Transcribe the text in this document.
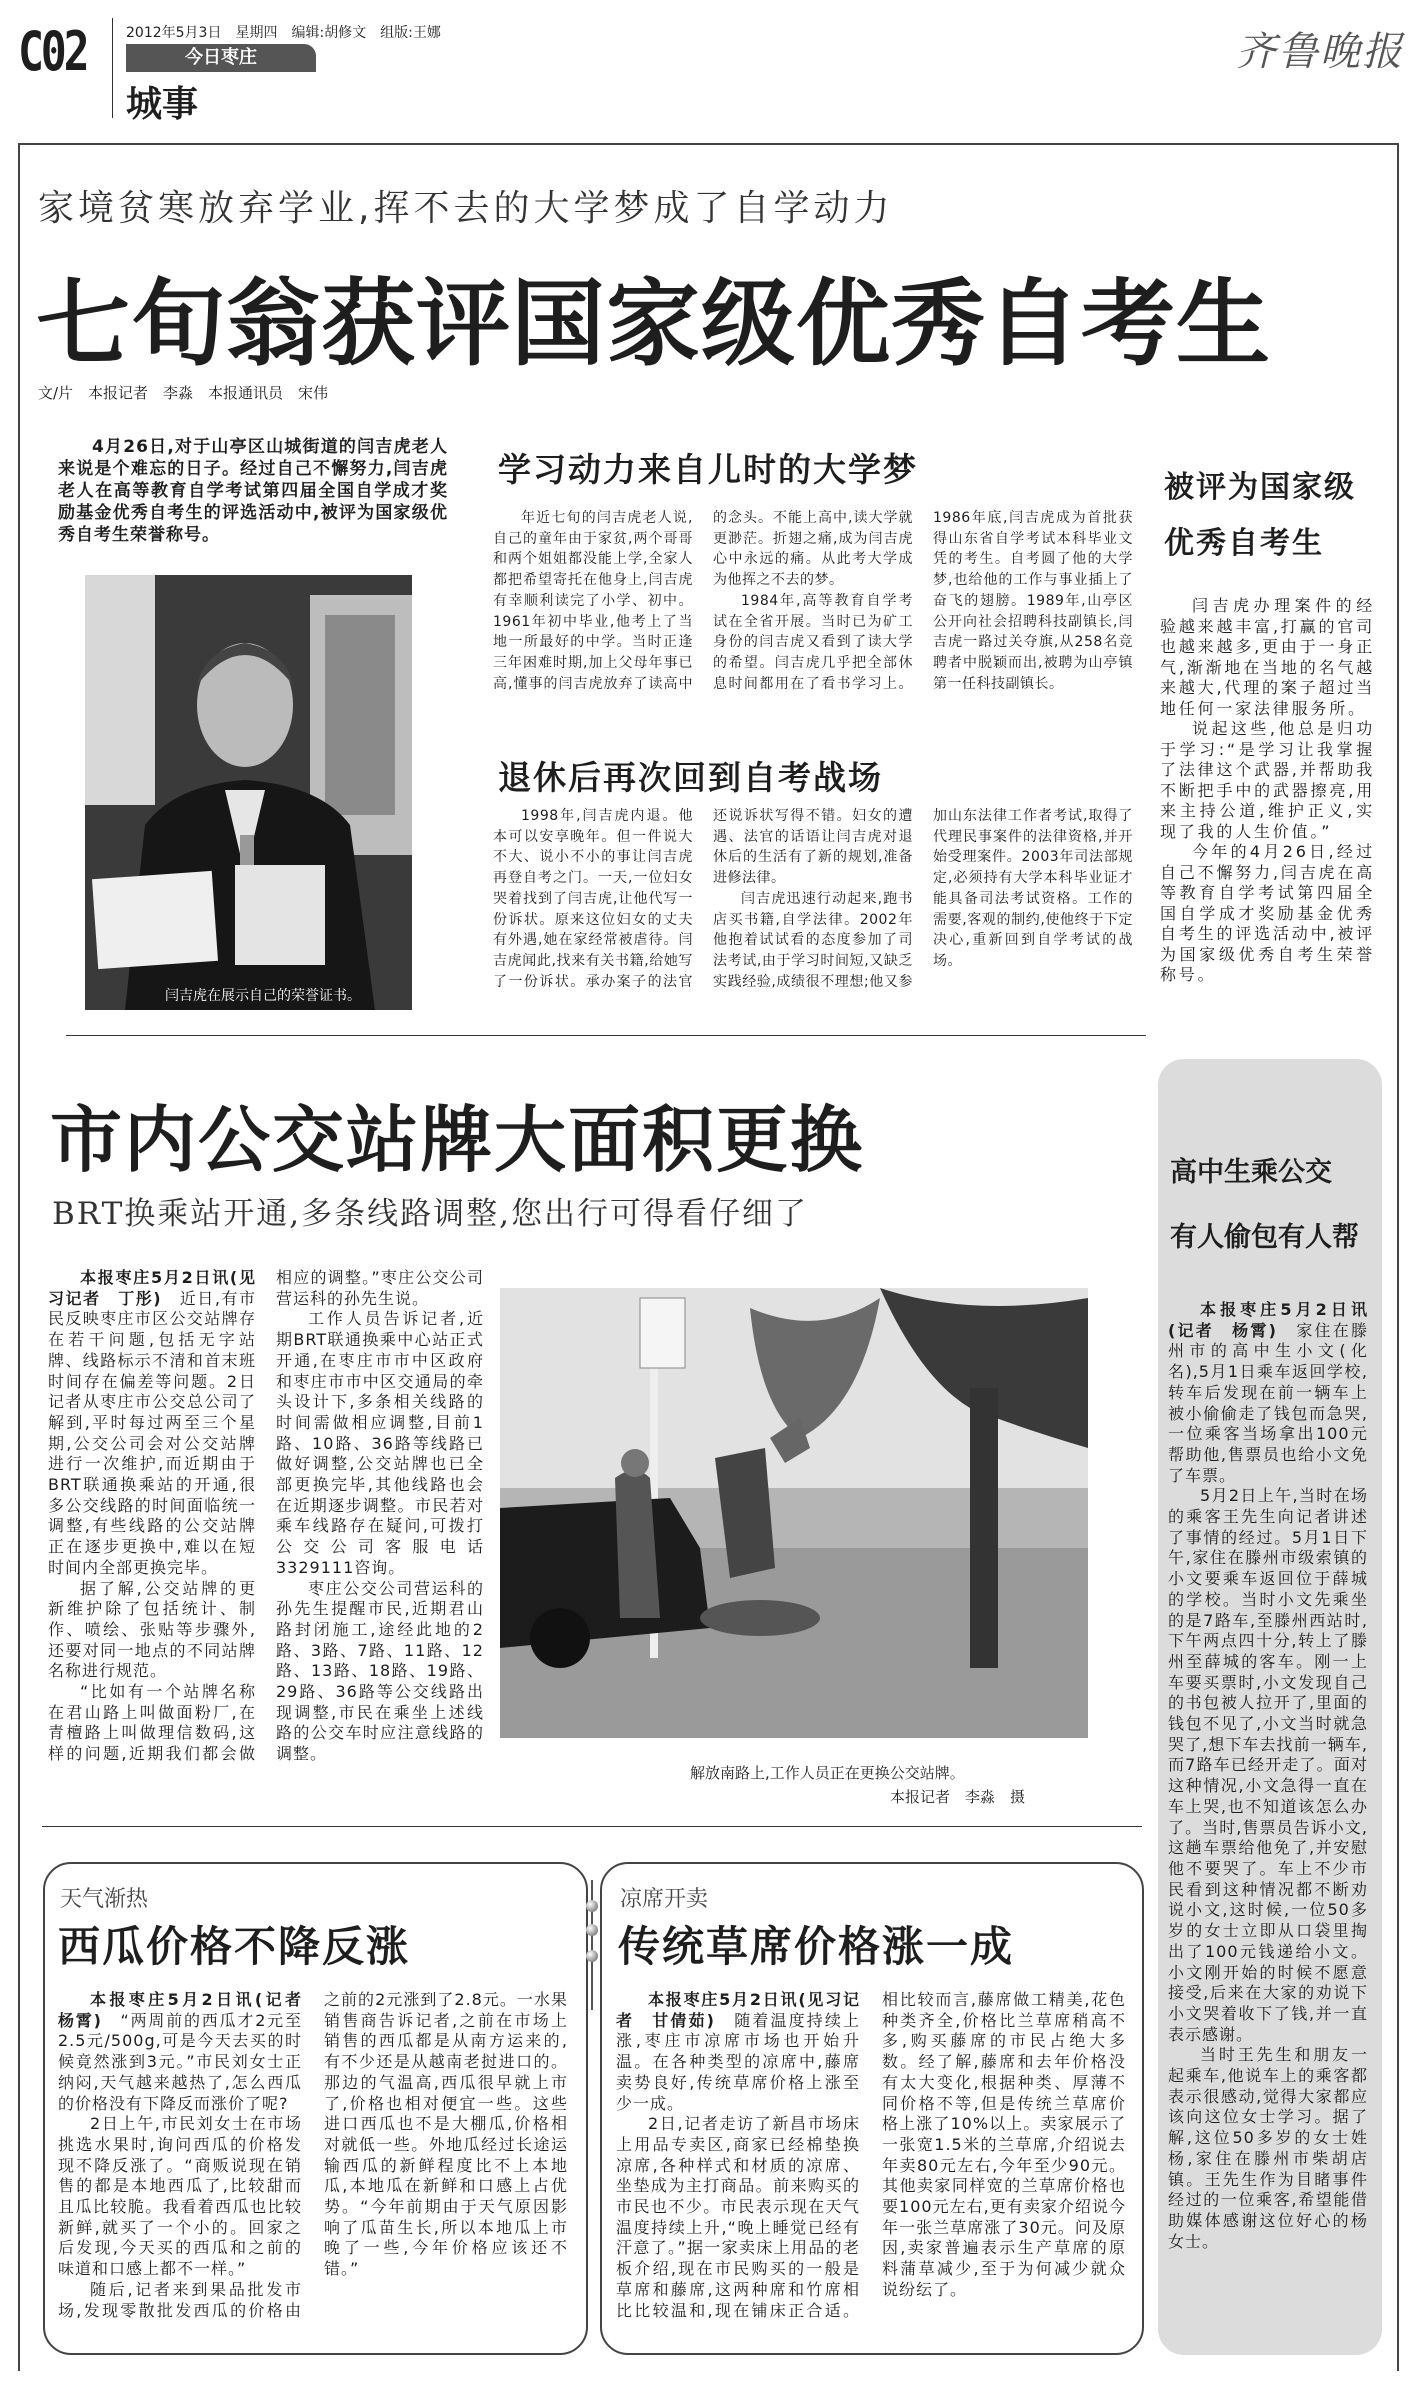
C02	2012年5月3日　星期四　编辑:胡修文　组版:王娜
今日枣庄
城事
齐鲁晚报
家境贫寒放弃学业,挥不去的大学梦成了自学动力
七旬翁获评国家级优秀自考生
文/片　本报记者　李淼　本报通讯员　宋伟

4月26日,对于山亭区山城街道的闫吉虎老人来说是个难忘的日子。经过自己不懈努力,闫吉虎老人在高等教育自学考试第四届全国自学成才奖励基金优秀自考生的评选活动中,被评为国家级优秀自考生荣誉称号。

闫吉虎在展示自己的荣誉证书。
学习动力来自儿时的大学梦

年近七旬的闫吉虎老人说,自己的童年由于家贫,两个哥哥和两个姐姐都没能上学,全家人都把希望寄托在他身上,闫吉虎有幸顺利读完了小学、初中。1961年初中毕业,他考上了当地一所最好的中学。当时正逢三年困难时期,加上父母年事已高,懂事的闫吉虎放弃了读高中的念头。不能上高中,读大学就更渺茫。折翅之痛,成为闫吉虎心中永远的痛。从此考大学成为他挥之不去的梦。

1984年,高等教育自学考试在全省开展。当时已为矿工身份的闫吉虎又看到了读大学的希望。闫吉虎几乎把全部休息时间都用在了看书学习上。1986年底,闫吉虎成为首批获得山东省自学考试本科毕业文凭的考生。自考圆了他的大学梦,也给他的工作与事业插上了奋飞的翅膀。1989年,山亭区公开向社会招聘科技副镇长,闫吉虎一路过关夺旗,从258名竞聘者中脱颖而出,被聘为山亭镇第一任科技副镇长。

退休后再次回到自考战场

1998年,闫吉虎内退。他本可以安享晚年。但一件说大不大、说小不小的事让闫吉虎再登自考之门。一天,一位妇女哭着找到了闫吉虎,让他代写一份诉状。原来这位妇女的丈夫有外遇,她在家经常被虐待。闫吉虎闻此,找来有关书籍,给她写了一份诉状。承办案子的法官还说诉状写得不错。妇女的遭遇、法官的话语让闫吉虎对退休后的生活有了新的规划,准备进修法律。

闫吉虎迅速行动起来,跑书店买书籍,自学法律。2002年他抱着试试看的态度参加了司法考试,由于学习时间短,又缺乏实践经验,成绩很不理想;他又参加山东法律工作者考试,取得了代理民事案件的法律资格,并开始受理案件。2003年司法部规定,必须持有大学本科毕业证才能具备司法考试资格。工作的需要,客观的制约,使他终于下定决心,重新回到自学考试的战场。

被评为国家级
优秀自考生

闫吉虎办理案件的经验越来越丰富,打赢的官司也越来越多,更由于一身正气,渐渐地在当地的名气越来越大,代理的案子超过当地任何一家法律服务所。

说起这些,他总是归功于学习:“是学习让我掌握了法律这个武器,并帮助我不断把手中的武器擦亮,用来主持公道,维护正义,实现了我的人生价值。”

今年的4月26日,经过自己不懈努力,闫吉虎在高等教育自学考试第四届全国自学成才奖励基金优秀自考生的评选活动中,被评为国家级优秀自考生荣誉称号。

市内公交站牌大面积更换
BRT换乘站开通,多条线路调整,您出行可得看仔细了

本报枣庄5月2日讯(见习记者　丁彤)　 近日,有市民反映枣庄市区公交站牌存在若干问题,包括无字站牌、线路标示不清和首末班时间存在偏差等问题。2日记者从枣庄市公交总公司了解到,平时每过两至三个星期,公交公司会对公交站牌进行一次维护,而近期由于BRT联通换乘站的开通,很多公交线路的时间面临统一调整,有些线路的公交站牌正在逐步更换中,难以在短时间内全部更换完毕。

据了解,公交站牌的更新维护除了包括统计、制作、喷绘、张贴等步骤外,还要对同一地点的不同站牌名称进行规范。

“比如有一个站牌名称在君山路上叫做面粉厂,在青檀路上叫做理信数码,这样的问题,近期我们都会做相应的调整。”枣庄公交公司营运科的孙先生说。

工作人员告诉记者,近期BRT联通换乘中心站正式开通,在枣庄市市中区政府和枣庄市市中区交通局的牵头设计下,多条相关线路的时间需做相应调整,目前1路、10路、36路等线路已做好调整,公交站牌也已全部更换完毕,其他线路也会在近期逐步调整。市民若对乘车线路存在疑问,可拨打公交公司客服电话3329111咨询。

枣庄公交公司营运科的孙先生提醒市民,近期君山路封闭施工,途经此地的2路、3路、7路、11路、12路、13路、18路、19路、29路、36路等公交线路出现调整,市民在乘坐上述线路的公交车时应注意线路的调整。

解放南路上,工作人员正在更换公交站牌。
本报记者　李淼　摄
高中生乘公交
有人偷包有人帮

本报枣庄5月2日讯(记者　杨霄)　 家住在滕州市的高中生小文(化名),5月1日乘车返回学校,转车后发现在前一辆车上被小偷偷走了钱包而急哭,一位乘客当场拿出100元帮助他,售票员也给小文免了车票。

5月2日上午,当时在场的乘客王先生向记者讲述了事情的经过。5月1日下午,家住在滕州市级索镇的小文要乘车返回位于薛城的学校。当时小文先乘坐的是7路车,至滕州西站时,下午两点四十分,转上了滕州至薛城的客车。刚一上车要买票时,小文发现自己的书包被人拉开了,里面的钱包不见了,小文当时就急哭了,想下车去找前一辆车,而7路车已经开走了。面对这种情况,小文急得一直在车上哭,也不知道该怎么办了。当时,售票员告诉小文,这趟车票给他免了,并安慰他不要哭了。车上不少市民看到这种情况都不断劝说小文,这时候,一位50多岁的女士立即从口袋里掏出了100元钱递给小文。小文刚开始的时候不愿意接受,后来在大家的劝说下小文哭着收下了钱,并一直表示感谢。

当时王先生和朋友一起乘车,他说车上的乘客都表示很感动,觉得大家都应该向这位女士学习。据了解,这位50多岁的女士姓杨,家住在滕州市柴胡店镇。王先生作为目睹事件经过的一位乘客,希望能借助媒体感谢这位好心的杨女士。

天气渐热
西瓜价格不降反涨

本报枣庄5月2日讯(记者　杨霄)　 “两周前的西瓜才2元至2.5元/500g,可是今天去买的时候竟然涨到3元。”市民刘女士正纳闷,天气越来越热了,怎么西瓜的价格没有下降反而涨价了呢?

2日上午,市民刘女士在市场挑选水果时,询问西瓜的价格发现不降反涨了。“商贩说现在销售的都是本地西瓜了,比较甜而且瓜比较脆。我看着西瓜也比较新鲜,就买了一个小的。回家之后发现,今天买的西瓜和之前的味道和口感上都不一样。”

随后,记者来到果品批发市场,发现零散批发西瓜的价格由之前的2元涨到了2.8元。一水果销售商告诉记者,之前在市场上销售的西瓜都是从南方运来的,有不少还是从越南老挝进口的。那边的气温高,西瓜很早就上市了,价格也相对便宜一些。这些进口西瓜也不是大棚瓜,价格相对就低一些。外地瓜经过长途运输西瓜的新鲜程度比不上本地瓜,本地瓜在新鲜和口感上占优势。“今年前期由于天气原因影响了瓜苗生长,所以本地瓜上市晚了一些,今年价格应该还不错。”

凉席开卖
传统草席价格涨一成

本报枣庄5月2日讯(见习记者　甘倩茹)　 随着温度持续上涨,枣庄市凉席市场也开始升温。在各种类型的凉席中,藤席卖势良好,传统草席价格上涨至少一成。

2日,记者走访了新昌市场床上用品专卖区,商家已经棉垫换凉席,各种样式和材质的凉席、坐垫成为主打商品。前来购买的市民也不少。市民表示现在天气温度持续上升,“晚上睡觉已经有汗意了。”据一家卖床上用品的老板介绍,现在市民购买的一般是草席和藤席,这两种席和竹席相比比较温和,现在铺床正合适。相比较而言,藤席做工精美,花色种类齐全,价格比兰草席稍高不多,购买藤席的市民占绝大多数。经了解,藤席和去年价格没有太大变化,根据种类、厚薄不同价格不等,但是传统兰草席价格上涨了10%以上。卖家展示了一张宽1.5米的兰草席,介绍说去年卖80元左右,今年至少90元。其他卖家同样宽的兰草席价格也要100元左右,更有卖家介绍说今年一张兰草席涨了30元。问及原因,卖家普遍表示生产草席的原料蒲草减少,至于为何减少就众说纷纭了。
